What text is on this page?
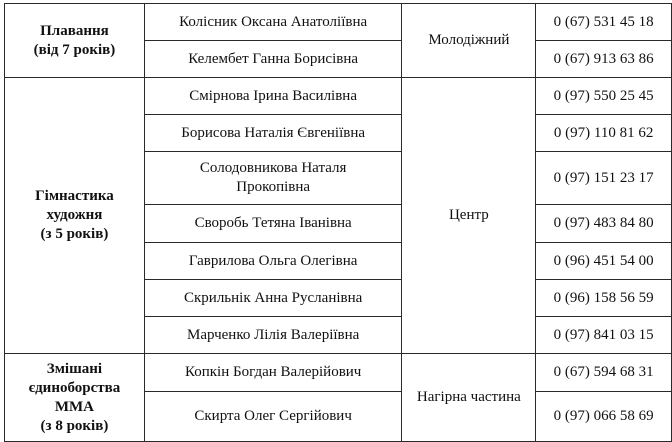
Плавання
(від 7 років)	Колісник Оксана Анатоліївна	Молодіжний	0 (67) 531 45 18
	Келембет Ганна Борисівна		0 (67) 913 63 86

Гімнастика
художня
(з 5 років)	Смірнова Ірина Василівна	Центр	0 (97) 550 25 45
	Борисова Наталія Євгеніївна		0 (97) 110 81 62

	Солодовникова Наталя
Прокопівна		0 (97) 151 23 17
	Своробь Тетяна Іванівна		0 (97) 483 84 80
	Гаврилова Ольга Олегівна		0 (96) 451 54 00
	Скрильнік Анна Русланівна		0 (96) 158 56 59
	Марченко Лілія Валеріївна		0 (97) 841 03 15

Змішані
єдиноборства
ММА
(з 8 років)	Копкін Богдан Валерійович	Нагірна частина	0 (67) 594 68 31
	Скирта Олег Сергійович		0 (97) 066 58 69
